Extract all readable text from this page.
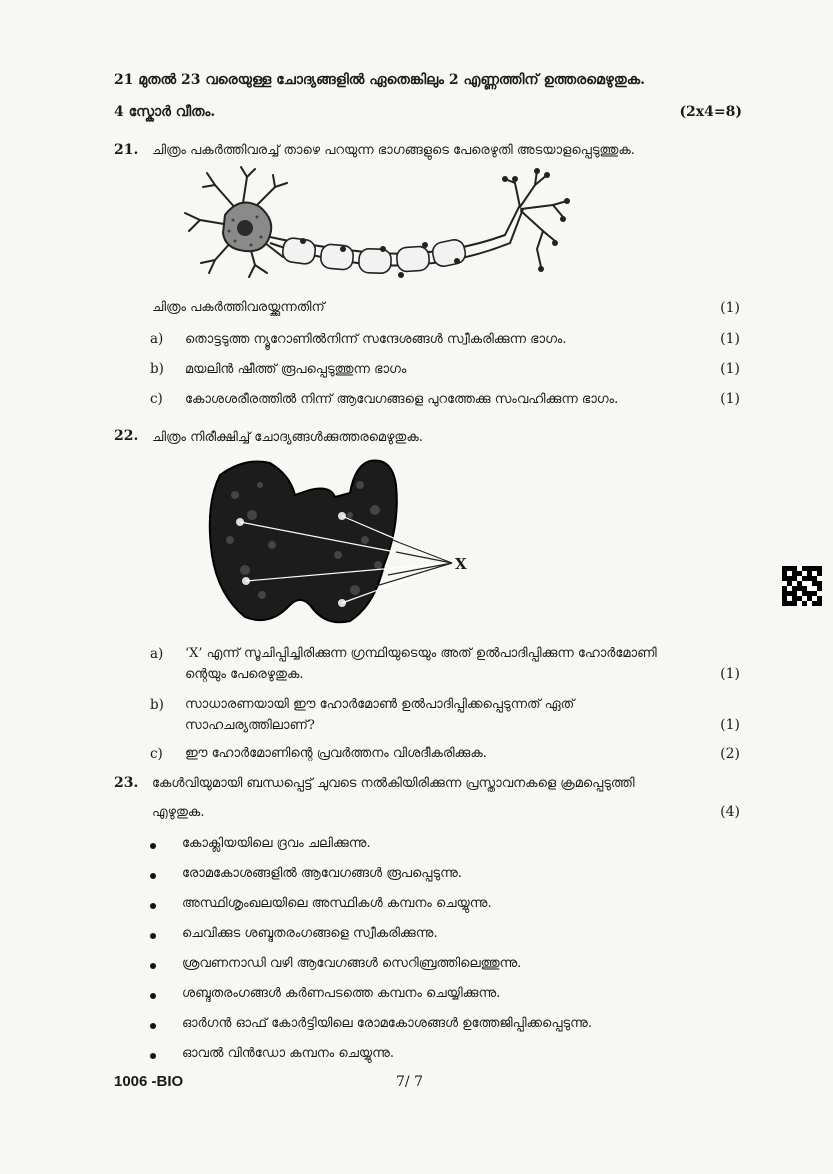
21 മുതൽ 23 വരെയുള്ള ചോദ്യങ്ങളിൽ ഏതെങ്കിലും 2 എണ്ണത്തിന് ഉത്തരമെഴുതുക.
4 സ്കോർ വീതം.	(2x4=8)
21. ചിത്രം പകർത്തിവരച്ച് താഴെ പറയുന്ന ഭാഗങ്ങളുടെ പേരെഴുതി അടയാളപ്പെടുത്തുക.
ചിത്രം പകർത്തിവരയ്ക്കുന്നതിന്	(1)
a) തൊട്ടടുത്ത ന്യൂറോണിൽനിന്ന് സന്ദേശങ്ങൾ സ്വീകരിക്കുന്ന ഭാഗം.	(1)
b) മയലിൻ ഷീത്ത് രൂപപ്പെടുത്തുന്ന ഭാഗം	(1)
c) കോശശരീരത്തിൽ നിന്ന് ആവേഗങ്ങളെ പുറത്തേക്കു സംവഹിക്കുന്ന ഭാഗം.	(1)
22. ചിത്രം നിരീക്ഷിച്ച് ചോദ്യങ്ങൾക്കുത്തരമെഴുതുക.
X
a) ‘X’ എന്ന് സൂചിപ്പിച്ചിരിക്കുന്ന ഗ്രന്ഥിയുടെയും അത് ഉൽപാദിപ്പിക്കുന്ന ഹോർമോണി
ന്റെയും പേരെഴുതുക.	(1)
b) സാധാരണയായി ഈ ഹോർമോൺ ഉൽപാദിപ്പിക്കപ്പെടുന്നത് ഏത്
സാഹചര്യത്തിലാണ്?	(1)
c) ഈ ഹോർമോണിന്റെ പ്രവർത്തനം വിശദീകരിക്കുക.	(2)
23. കേൾവിയുമായി ബന്ധപ്പെട്ട് ചുവടെ നൽകിയിരിക്കുന്ന പ്രസ്താവനകളെ ക്രമപ്പെടുത്തി
എഴുതുക.	(4)
കോക്ലിയയിലെ ദ്രവം ചലിക്കുന്നു.
രോമകോശങ്ങളിൽ ആവേഗങ്ങൾ രൂപപ്പെടുന്നു.
അസ്ഥിശൃംഖലയിലെ അസ്ഥികൾ കമ്പനം ചെയ്യുന്നു.
ചെവിക്കുട ശബ്ദതരംഗങ്ങളെ സ്വീകരിക്കുന്നു.
ശ്രവണനാഡി വഴി ആവേഗങ്ങൾ സെറിബ്രത്തിലെത്തുന്നു.
ശബ്ദതരംഗങ്ങൾ കർണപടത്തെ കമ്പനം ചെയ്യിക്കുന്നു.
ഓർഗൻ ഓഫ് കോർട്ടിയിലെ രോമകോശങ്ങൾ ഉത്തേജിപ്പിക്കപ്പെടുന്നു.
ഓവൽ വിൻഡോ കമ്പനം ചെയ്യുന്നു.
1006 -BIO	7/ 7
